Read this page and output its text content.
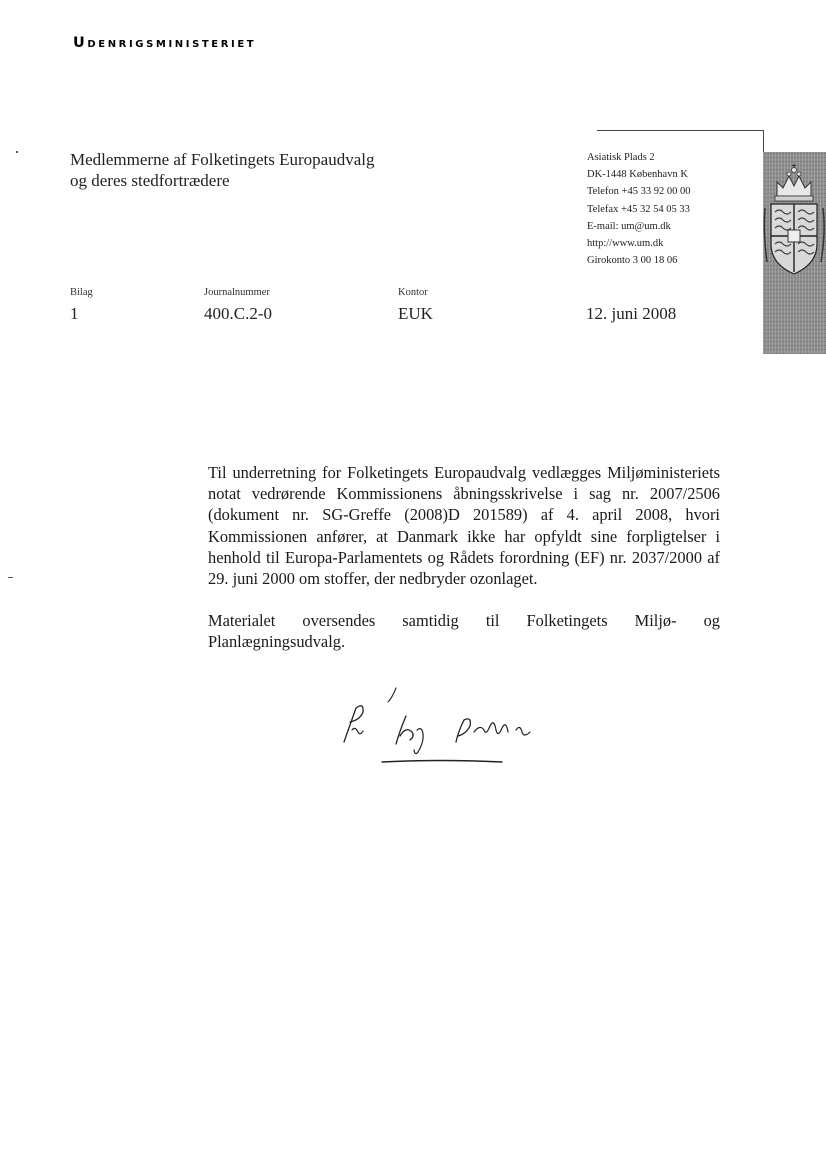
Udenrigsministeriet
Medlemmerne af Folketingets Europaudvalg
og deres stedfortrædere
Asiatisk Plads 2
DK-1448 København K
Telefon +45 33 92 00 00
Telefax +45 32 54 05 33
E-mail: um@um.dk
http://www.um.dk
Girokonto 3 00 18 06
Bilag
1
Journalnummer
400.C.2-0
Kontor
EUK	12. juni 2008

Til underretning for Folketingets Europaudvalg vedlægges Miljøministeriets notat vedrørende Kommissionens åbningsskrivelse i sag nr. 2007/2506 (dokument nr. SG-Greffe (2008)D 201589) af 4. april 2008, hvori Kommissionen anfører, at Danmark ikke har opfyldt sine forpligtelser i henhold til Europa-Parlamentets og Rådets forordning (EF) nr. 2037/2000 af 29. juni 2000 om stoffer, der nedbryder ozonlaget.

Materialet oversendes samtidig til Folketingets Miljø- og Planlægningsudvalg.
